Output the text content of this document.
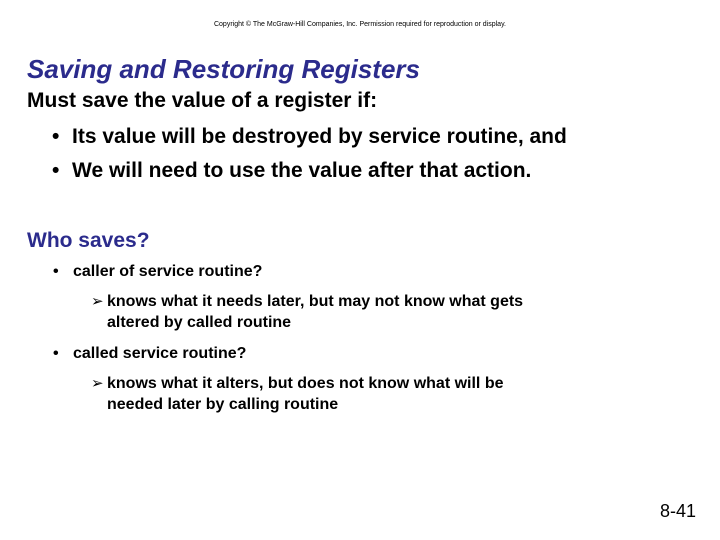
Copyright © The McGraw-Hill Companies, Inc. Permission required for reproduction or display.
Saving and Restoring Registers
Must save the value of a register if:
• Its value will be destroyed by service routine, and
• We will need to use the value after that action.
Who saves?
• caller of service routine?
➢ knows what it needs later, but may not know what gets
altered by called routine
• called service routine?
➢ knows what it alters, but does not know what will be
needed later by calling routine
8-41
